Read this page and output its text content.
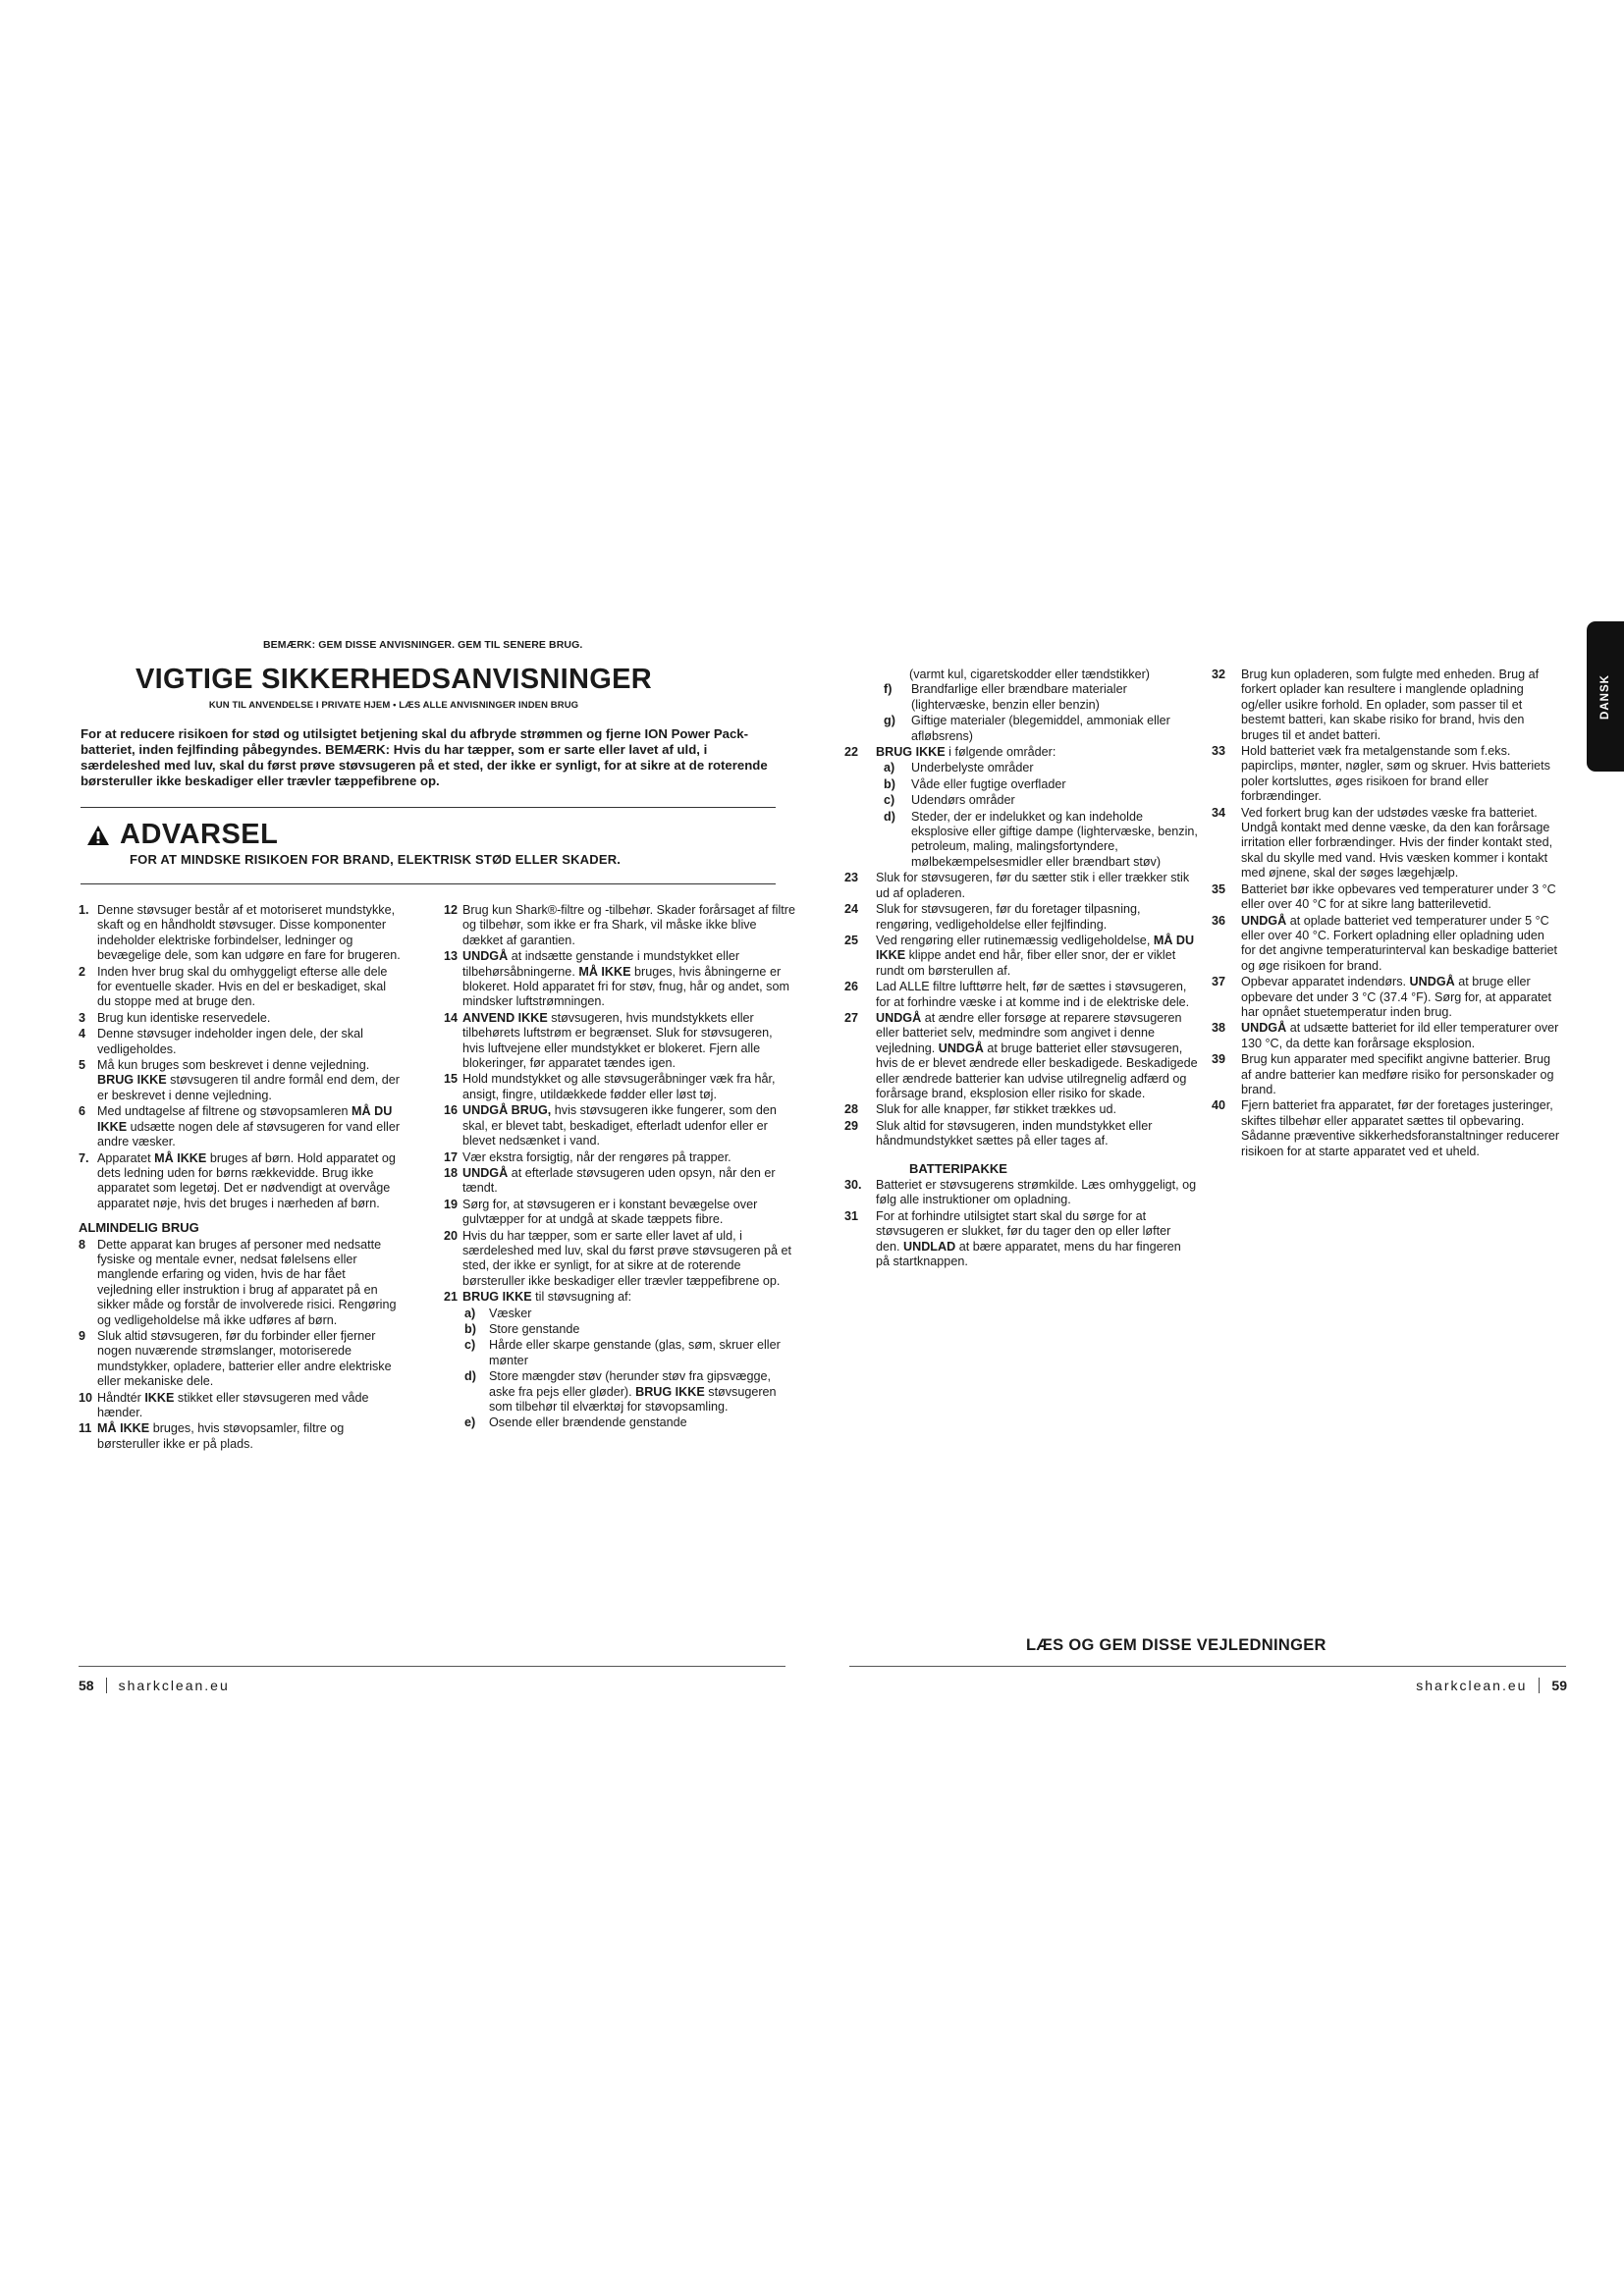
BEMÆRK: GEM DISSE ANVISNINGER. GEM TIL SENERE BRUG.
VIGTIGE SIKKERHEDSANVISNINGER
KUN TIL ANVENDELSE I PRIVATE HJEM • LÆS ALLE ANVISNINGER INDEN BRUG
For at reducere risikoen for stød og utilsigtet betjening skal du afbryde strømmen og fjerne ION Power Pack-batteriet, inden fejlfinding påbegyndes. BEMÆRK: Hvis du har tæpper, som er sarte eller lavet af uld, i særdeleshed med luv, skal du først prøve støvsugeren på et sted, der ikke er synligt, for at sikre at de roterende børsteruller ikke beskadiger eller trævler tæppefibrene op.
ADVARSEL
FOR AT MINDSKE RISIKOEN FOR BRAND, ELEKTRISK STØD ELLER SKADER.
1. Denne støvsuger består af et motoriseret mundstykke, skaft og en håndholdt støvsuger. Disse komponenter indeholder elektriske forbindelser, ledninger og bevægelige dele, som kan udgøre en fare for brugeren.
2 Inden hver brug skal du omhyggeligt efterse alle dele for eventuelle skader. Hvis en del er beskadiget, skal du stoppe med at bruge den.
3 Brug kun identiske reservedele.
4 Denne støvsuger indeholder ingen dele, der skal vedligeholdes.
5 Må kun bruges som beskrevet i denne vejledning. BRUG IKKE støvsugeren til andre formål end dem, der er beskrevet i denne vejledning.
6 Med undtagelse af filtrene og støvopsamleren MÅ DU IKKE udsætte nogen dele af støvsugeren for vand eller andre væsker.
7. Apparatet MÅ IKKE bruges af børn. Hold apparatet og dets ledning uden for børns rækkevidde. Brug ikke apparatet som legetøj. Det er nødvendigt at overvåge apparatet nøje, hvis det bruges i nærheden af børn.
ALMINDELIG BRUG
8 Dette apparat kan bruges af personer med nedsatte fysiske og mentale evner, nedsat følelsens eller manglende erfaring og viden, hvis de har fået vejledning eller instruktion i brug af apparatet på en sikker måde og forstår de involverede risici. Rengøring og vedligeholdelse må ikke udføres af børn.
9 Sluk altid støvsugeren, før du forbinder eller fjerner nogen nuværende strømslanger, motoriserede mundstykker, opladere, batterier eller andre elektriske eller mekaniske dele.
10 Håndtér IKKE stikket eller støvsugeren med våde hænder.
11 MÅ IKKE bruges, hvis støvopsamler, filtre og børsteruller ikke er på plads.
12 Brug kun Shark®-filtre og -tilbehør. Skader forårsaget af filtre og tilbehør, som ikke er fra Shark, vil måske ikke blive dækket af garantien.
13 UNDGÅ at indsætte genstande i mundstykket eller tilbehørsåbningerne. MÅ IKKE bruges, hvis åbningerne er blokeret. Hold apparatet fri for støv, fnug, hår og andet, som mindsker luftstrømningen.
14 ANVEND IKKE støvsugeren, hvis mundstykkets eller tilbehørets luftstrøm er begrænset. Sluk for støvsugeren, hvis luftvejene eller mundstykket er blokeret. Fjern alle blokeringer, før apparatet tændes igen.
15 Hold mundstykket og alle støvsugeråbninger væk fra hår, ansigt, fingre, utildækkede fødder eller løst tøj.
16 UNDGÅ BRUG, hvis støvsugeren ikke fungerer, som den skal, er blevet tabt, beskadiget, efterladt udenfor eller er blevet nedsænket i vand.
17 Vær ekstra forsigtig, når der rengøres på trapper.
18 UNDGÅ at efterlade støvsugeren uden opsyn, når den er tændt.
19 Sørg for, at støvsugeren er i konstant bevægelse over gulvtæpper for at undgå at skade tæppets fibre.
20 Hvis du har tæpper, som er sarte eller lavet af uld, i særdeleshed med luv, skal du først prøve støvsugeren på et sted, der ikke er synligt, for at sikre at de roterende børsteruller ikke beskadiger eller trævler tæppefibrene op.
21 BRUG IKKE til støvsugning af:
a)	Væsker
b)	Store genstande
c)	Hårde eller skarpe genstande (glas, søm, skruer eller mønter
d)	Store mængder støv (herunder støv fra gipsvægge, aske fra pejs eller gløder). BRUG IKKE støvsugeren som tilbehør til elværktøj for støvopsamling.
e)	Osende eller brændende genstande
58 sharkclean.eu
(varmt kul, cigaretskodder eller tændstikker)
f)	Brandfarlige eller brændbare materialer (lightervæske, benzin eller benzin)
g)	Giftige materialer (blegemiddel, ammoniak eller afløbsrens)
22	BRUG IKKE i følgende områder:
a)	Underbelyste områder
b)	Våde eller fugtige overflader
c)	Udendørs områder
d)	Steder, der er indelukket og kan indeholde eksplosive eller giftige dampe (lightervæske, benzin, petroleum, maling, malingsfortyndere, mølbekæmpelsesmidler eller brændbart støv)
23	Sluk for støvsugeren, før du sætter stik i eller trækker stik ud af opladeren.
24	Sluk for støvsugeren, før du foretager tilpasning, rengøring, vedligeholdelse eller fejlfinding.
25	Ved rengøring eller rutinemæssig vedligeholdelse, MÅ DU IKKE klippe andet end hår, fiber eller snor, der er viklet rundt om børsterullen af.
26	Lad ALLE filtre lufttørre helt, før de sættes i støvsugeren, for at forhindre væske i at komme ind i de elektriske dele.
27	UNDGÅ at ændre eller forsøge at reparere støvsugeren eller batteriet selv, medmindre som angivet i denne vejledning. UNDGÅ at bruge batteriet eller støvsugeren, hvis de er blevet ændrede eller beskadigede. Beskadigede eller ændrede batterier kan udvise utilregnelig adfærd og forårsage brand, eksplosion eller risiko for skade.
28	Sluk for alle knapper, før stikket trækkes ud.
29	Sluk altid for støvsugeren, inden mundstykket eller håndmundstykket sættes på eller tages af.
BATTERIPAKKE
30.	Batteriet er støvsugerens strømkilde. Læs omhyggeligt, og følg alle instruktioner om opladning.
31	For at forhindre utilsigtet start skal du sørge for at støvsugeren er slukket, før du tager den op eller løfter den. UNDLAD at bære apparatet, mens du har fingeren på startknappen.
32	Brug kun opladeren, som fulgte med enheden. Brug af forkert oplader kan resultere i manglende opladning og/eller usikre forhold. En oplader, som passer til et bestemt batteri, kan skabe risiko for brand, hvis den bruges til et andet batteri.
33	Hold batteriet væk fra metalgenstande som f.eks. papirclips, mønter, nøgler, søm og skruer. Hvis batteriets poler kortsluttes, øges risikoen for brand eller forbrændinger.
34	Ved forkert brug kan der udstødes væske fra batteriet. Undgå kontakt med denne væske, da den kan forårsage irritation eller forbrændinger. Hvis der finder kontakt sted, skal du skylle med vand. Hvis væsken kommer i kontakt med øjnene, skal der søges lægehjælp.
35	Batteriet bør ikke opbevares ved temperaturer under 3 °C eller over 40 °C for at sikre lang batterilevetid.
36	UNDGÅ at oplade batteriet ved temperaturer under 5 °C eller over 40 °C. Forkert opladning eller opladning uden for det angivne temperaturinterval kan beskadige batteriet og øge risikoen for brand.
37	Opbevar apparatet indendørs. UNDGÅ at bruge eller opbevare det under 3 °C (37.4 °F). Sørg for, at apparatet har opnået stuetemperatur inden brug.
38	UNDGÅ at udsætte batteriet for ild eller temperaturer over 130 °C, da dette kan forårsage eksplosion.
39	Brug kun apparater med specifikt angivne batterier. Brug af andre batterier kan medføre risiko for personskader og brand.
40	Fjern batteriet fra apparatet, før der foretages justeringer, skiftes tilbehør eller apparatet sættes til opbevaring. Sådanne præventive sikkerhedsforanstaltninger reducerer risikoen for at starte apparatet ved et uheld.
LÆS OG GEM DISSE VEJLEDNINGER
sharkclean.eu 59
DANSK
